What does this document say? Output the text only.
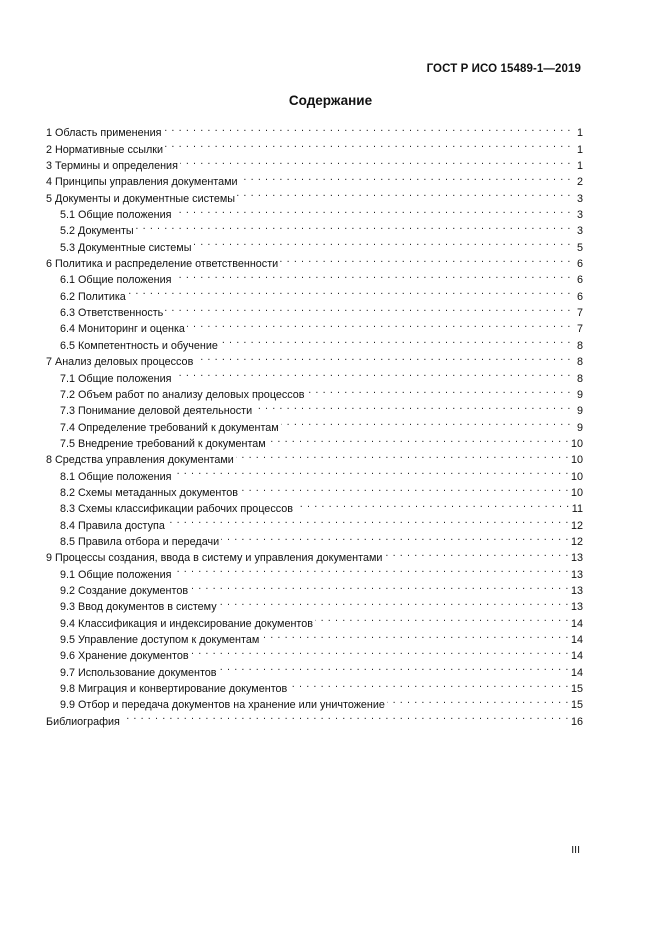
ГОСТ Р ИСО 15489-1—2019
Содержание
1 Область применения . . .	1
2 Нормативные ссылки . . .	1
3 Термины и определения . . .	1
4 Принципы управления документами . . .	2
5 Документы и документные системы . . .	3
5.1 Общие положения . . .	3
5.2 Документы . . .	3
5.3 Документные системы . . .	5
6 Политика и распределение ответственности . . .	6
6.1 Общие положения . . .	6
6.2 Политика . . .	6
6.3 Ответственность . . .	7
6.4 Мониторинг и оценка . . .	7
6.5 Компетентность и обучение . . .	8
7 Анализ деловых процессов . . .	8
7.1 Общие положения . . .	8
7.2 Объем работ по анализу деловых процессов . . .	9
7.3 Понимание деловой деятельности . . .	9
7.4 Определение требований к документам . . .	9
7.5 Внедрение требований к документам . . .	10
8 Средства управления документами . . .	10
8.1 Общие положения . . .	10
8.2 Схемы метаданных документов . . .	10
8.3 Схемы классификации рабочих процессов . . .	11
8.4 Правила доступа . . .	12
8.5 Правила отбора и передачи . . .	12
9 Процессы создания, ввода в систему и управления документами . . .	13
9.1 Общие положения . . .	13
9.2 Создание документов . . .	13
9.3 Ввод документов в систему . . .	13
9.4 Классификация и индексирование документов . . .	14
9.5 Управление доступом к документам . . .	14
9.6 Хранение документов . . .	14
9.7 Использование документов . . .	14
9.8 Миграция и конвертирование документов . . .	15
9.9 Отбор и передача документов на хранение или уничтожение . . .	15
Библиография . . .	16
III
